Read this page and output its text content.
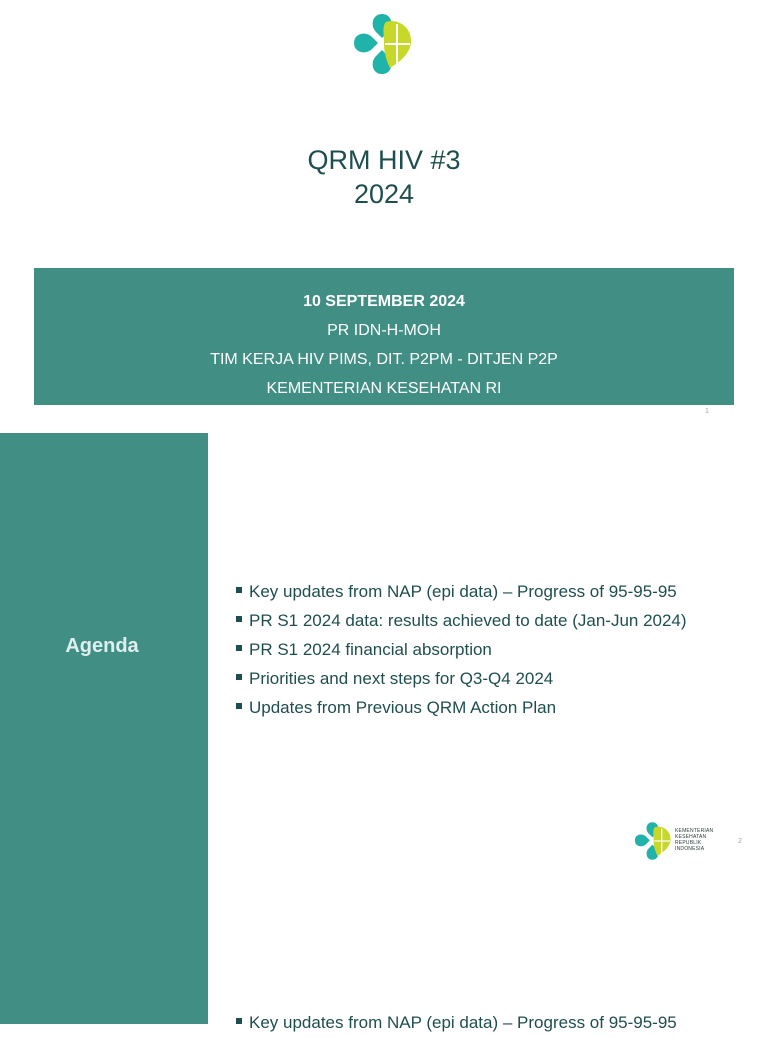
QRM HIV #3
2024
10 SEPTEMBER 2024
PR IDN-H-MOH
TIM KERJA HIV PIMS, DIT. P2PM - DITJEN P2P
KEMENTERIAN KESEHATAN RI
1
Agenda
Key updates from NAP (epi data) – Progress of 95-95-95
PR S1 2024 data: results achieved to date (Jan-Jun 2024)
PR S1 2024 financial absorption
Priorities and next steps for Q3-Q4 2024
Updates from Previous QRM Action Plan
KEMENTERIAN
KESEHATAN
REPUBLIK
INDONESIA
2
Key updates from NAP (epi data) – Progress of 95-95-95
